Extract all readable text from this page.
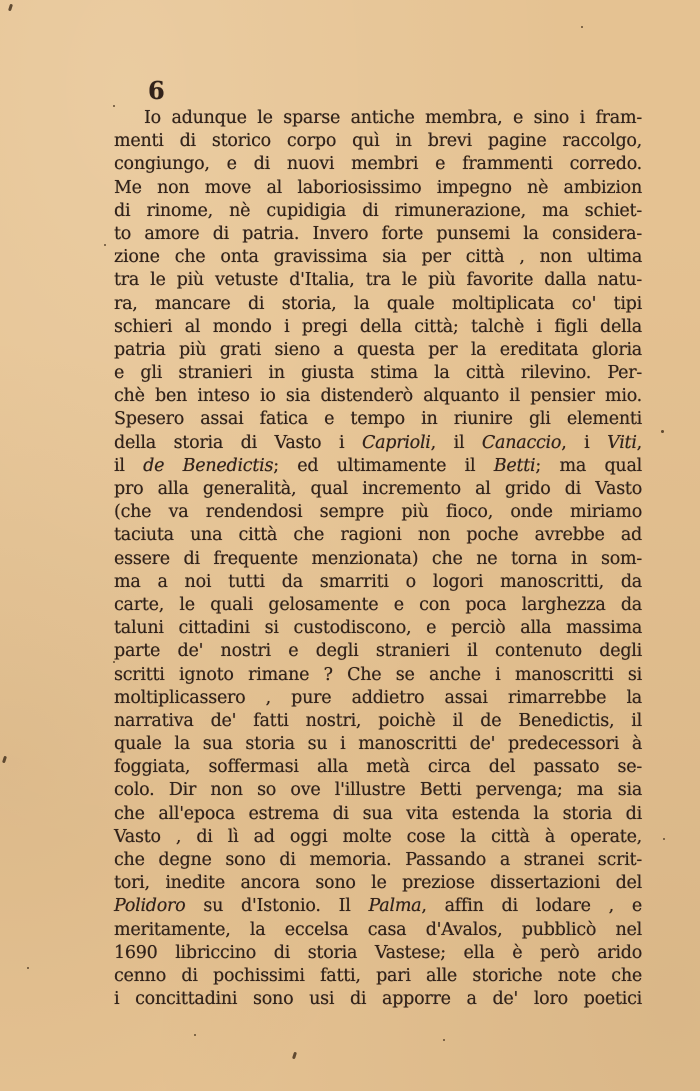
6
Io adunque le sparse antiche membra, e sino i fram-
menti di storico corpo quì in brevi pagine raccolgo,
congiungo, e di nuovi membri e frammenti corredo.
Me non move al laboriosissimo impegno nè ambizion
di rinome, nè cupidigia di rimunerazione, ma schiet-
to amore di patria. Invero forte punsemi la considera-
zione che onta gravissima sia per città , non ultima
tra le più vetuste d'Italia, tra le più favorite dalla natu-
ra, mancare di storia, la quale moltiplicata co' tipi
schieri al mondo i pregi della città; talchè i figli della
patria più grati sieno a questa per la ereditata gloria
e gli stranieri in giusta stima la città rilevino. Per-
chè ben inteso io sia distenderò alquanto il pensier mio.
Spesero assai fatica e tempo in riunire gli elementi
della storia di Vasto i Caprioli, il Canaccio, i Viti,
il de Benedictis; ed ultimamente il Betti; ma qual
pro alla generalità, qual incremento al grido di Vasto
(che va rendendosi sempre più fioco, onde miriamo
taciuta una città che ragioni non poche avrebbe ad
essere di frequente menzionata) che ne torna in som-
ma a noi tutti da smarriti o logori manoscritti, da
carte, le quali gelosamente e con poca larghezza da
taluni cittadini si custodiscono, e perciò alla massima
parte de' nostri e degli stranieri il contenuto degli
scritti ignoto rimane ? Che se anche i manoscritti si
moltiplicassero , pure addietro assai rimarrebbe la
narrativa de' fatti nostri, poichè il de Benedictis, il
quale la sua storia su i manoscritti de' predecessori à
foggiata, soffermasi alla metà circa del passato se-
colo. Dir non so ove l'illustre Betti pervenga; ma sia
che all'epoca estrema di sua vita estenda la storia di
Vasto , di lì ad oggi molte cose la città à operate,
che degne sono di memoria. Passando a stranei scrit-
tori, inedite ancora sono le preziose dissertazioni del
Polidoro su d'Istonio. Il Palma, affin di lodare , e
meritamente, la eccelsa casa d'Avalos, pubblicò nel
1690 libriccino di storia Vastese; ella è però arido
cenno di pochissimi fatti, pari alle storiche note che
i concittadini sono usi di apporre a de' loro poetici
